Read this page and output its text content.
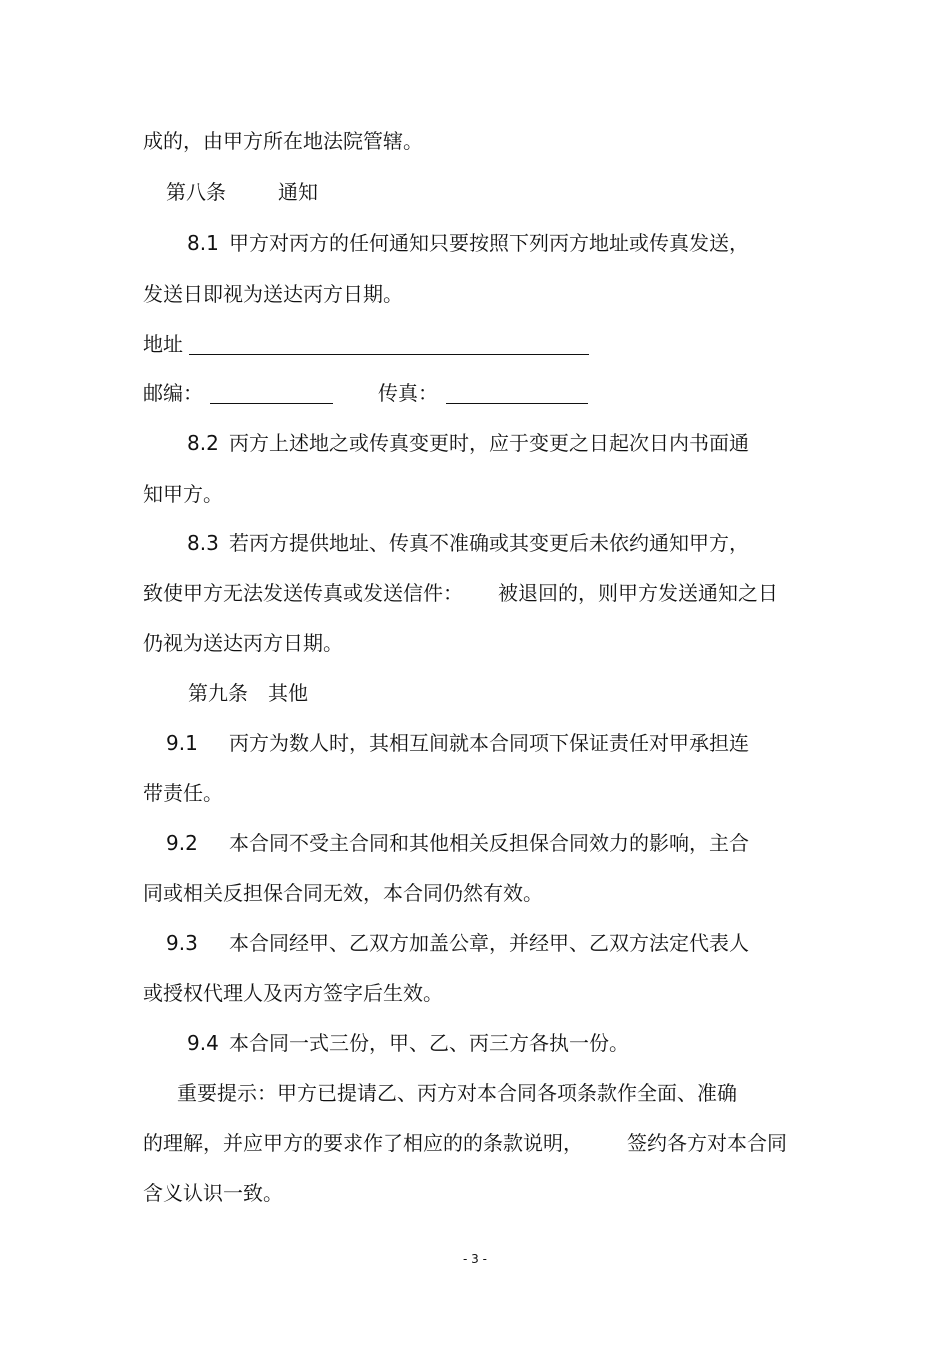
成的，由甲方所在地法院管辖。
第八条	通知
8.1 甲方对丙方的任何通知只要按照下列丙方地址或传真发送，
发送日即视为送达丙方日期。
地址
邮编：	传真：
8.2 丙方上述地之或传真变更时，应于变更之日起次日内书面通
知甲方。
8.3 若丙方提供地址、传真不准确或其变更后未依约通知甲方，
致使甲方无法发送传真或发送信件： 被退回的，则甲方发送通知之日
仍视为送达丙方日期。
第九条 其他
9.1 丙方为数人时，其相互间就本合同项下保证责任对甲承担连
带责任。
9.2 本合同不受主合同和其他相关反担保合同效力的影响，主合
同或相关反担保合同无效，本合同仍然有效。
9.3 本合同经甲、乙双方加盖公章，并经甲、乙双方法定代表人
或授权代理人及丙方签字后生效。
9.4 本合同一式三份，甲、乙、丙三方各执一份。
重要提示：甲方已提请乙、丙方对本合同各项条款作全面、准确
的理解，并应甲方的要求作了相应的的条款说明， 签约各方对本合同
含义认识一致。
- 3 -
